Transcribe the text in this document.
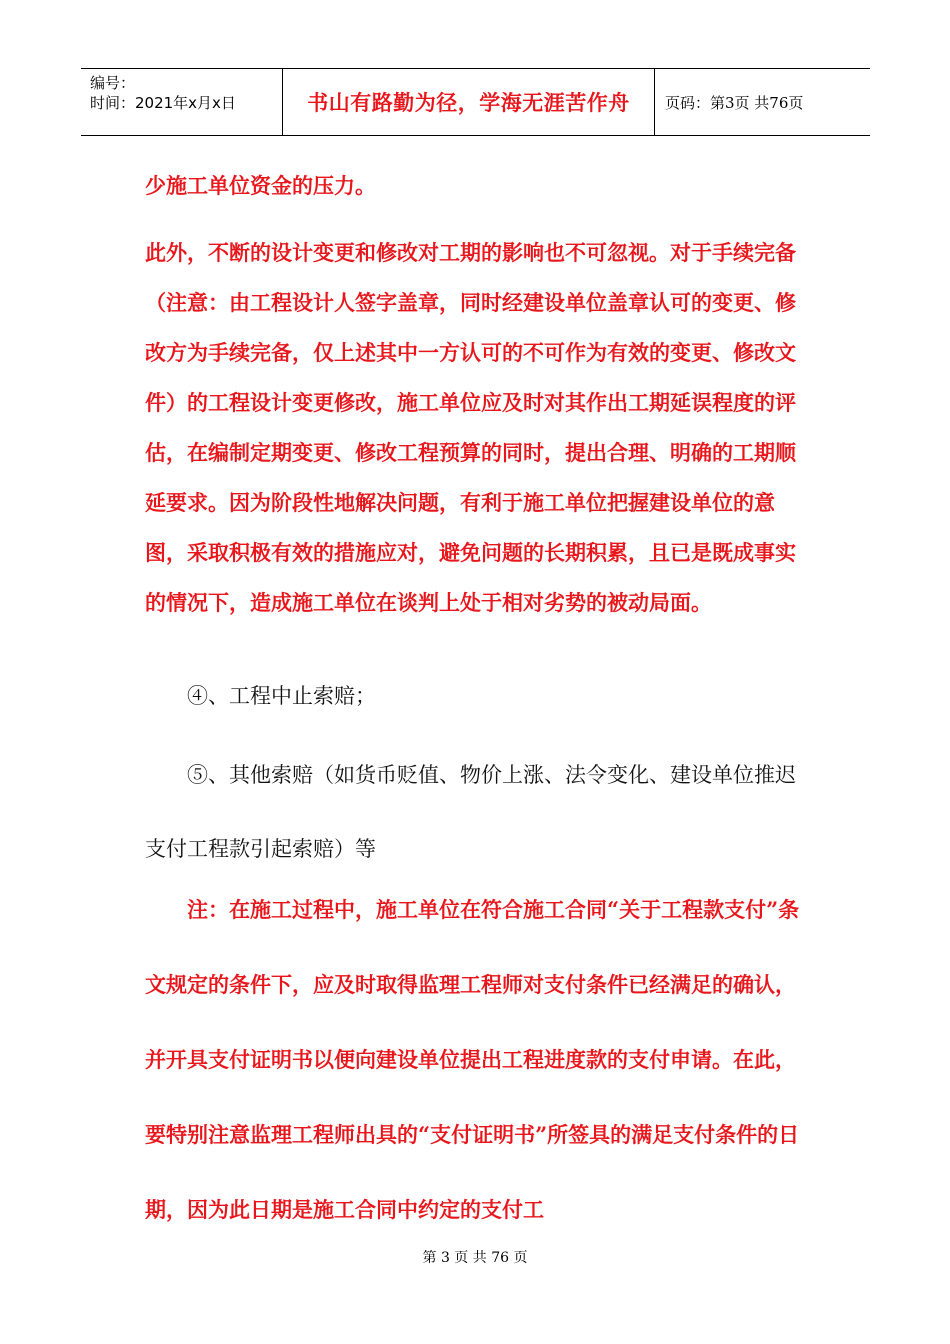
编号：
时间：2021年x月x日	书山有路勤为径，学海无涯苦作舟	页码：第3页 共76页

少施工单位资金的压力。

此外，不断的设计变更和修改对工期的影响也不可忽视。对于手续完备（注意：由工程设计人签字盖章，同时经建设单位盖章认可的变更、修改方为手续完备，仅上述其中一方认可的不可作为有效的变更、修改文件）的工程设计变更修改，施工单位应及时对其作出工期延误程度的评估，在编制定期变更、修改工程预算的同时，提出合理、明确的工期顺延要求。因为阶段性地解决问题，有利于施工单位把握建设单位的意图，采取积极有效的措施应对，避免问题的长期积累，且已是既成事实的情况下，造成施工单位在谈判上处于相对劣势的被动局面。

④、工程中止索赔；

⑤、其他索赔（如货币贬值、物价上涨、法令变化、建设单位推迟支付工程款引起索赔）等

注：在施工过程中，施工单位在符合施工合同“关于工程款支付”条文规定的条件下，应及时取得监理工程师对支付条件已经满足的确认，并开具支付证明书以便向建设单位提出工程进度款的支付申请。在此，要特别注意监理工程师出具的“支付证明书”所签具的满足支付条件的日期，因为此日期是施工合同中约定的支付工

第 3 页 共 76 页
